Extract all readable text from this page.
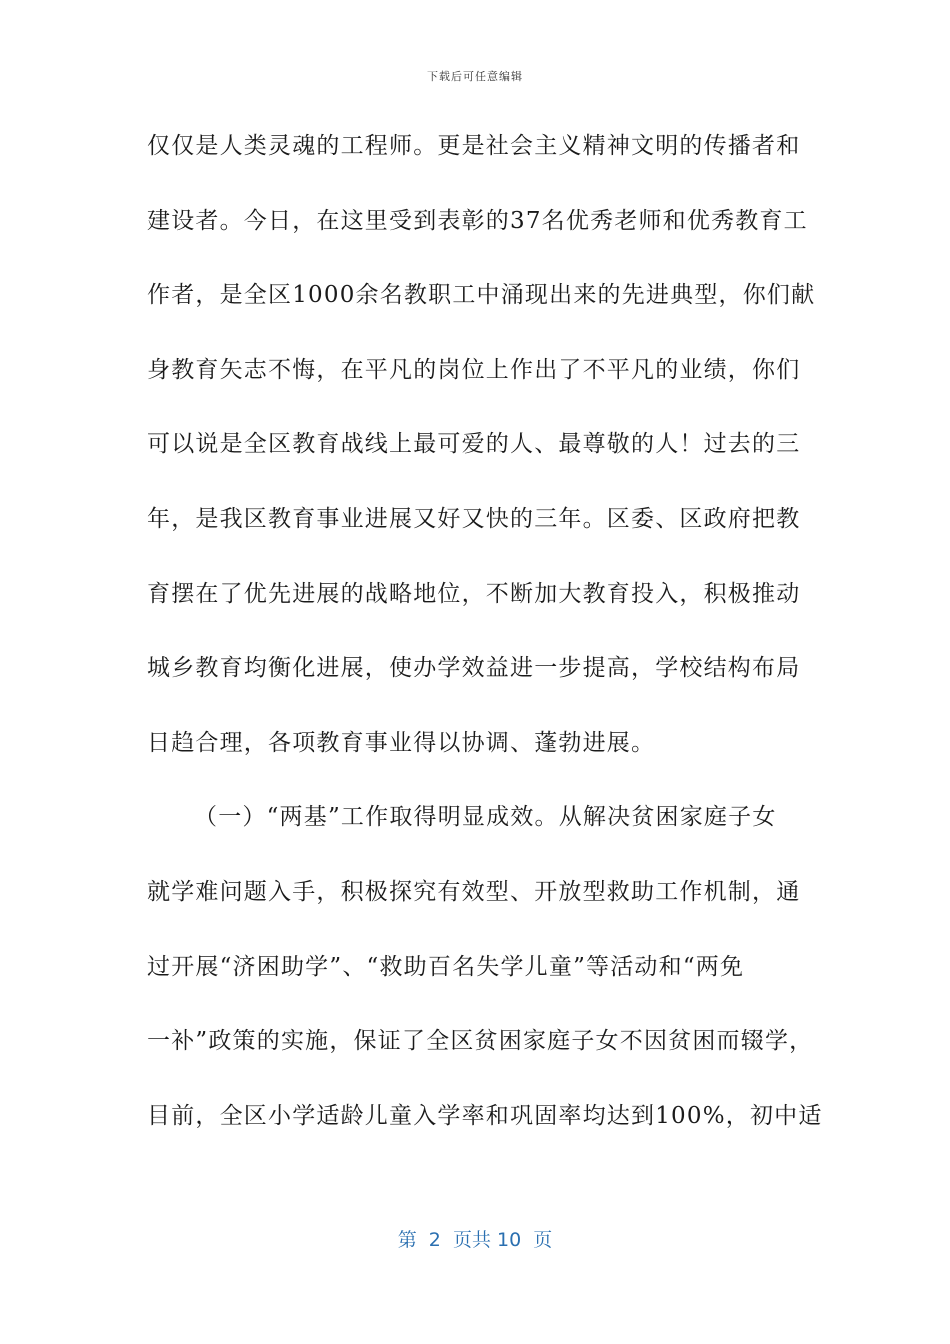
下载后可任意编辑
仅仅是人类灵魂的工程师。更是社会主义精神文明的传播者和
建设者。今日，在这里受到表彰的37名优秀老师和优秀教育工
作者，是全区1000余名教职工中涌现出来的先进典型，你们献
身教育矢志不悔，在平凡的岗位上作出了不平凡的业绩，你们
可以说是全区教育战线上最可爱的人、最尊敬的人！过去的三
年，是我区教育事业进展又好又快的三年。区委、区政府把教
育摆在了优先进展的战略地位，不断加大教育投入，积极推动
城乡教育均衡化进展，使办学效益进一步提高，学校结构布局
日趋合理，各项教育事业得以协调、蓬勃进展。
（一）“两基”工作取得明显成效。从解决贫困家庭子女
就学难问题入手，积极探究有效型、开放型救助工作机制，通
过开展“济困助学”、“救助百名失学儿童”等活动和“两免
一补”政策的实施，保证了全区贫困家庭子女不因贫困而辍学，
目前，全区小学适龄儿童入学率和巩固率均达到100%，初中适
第  2  页共 10  页
